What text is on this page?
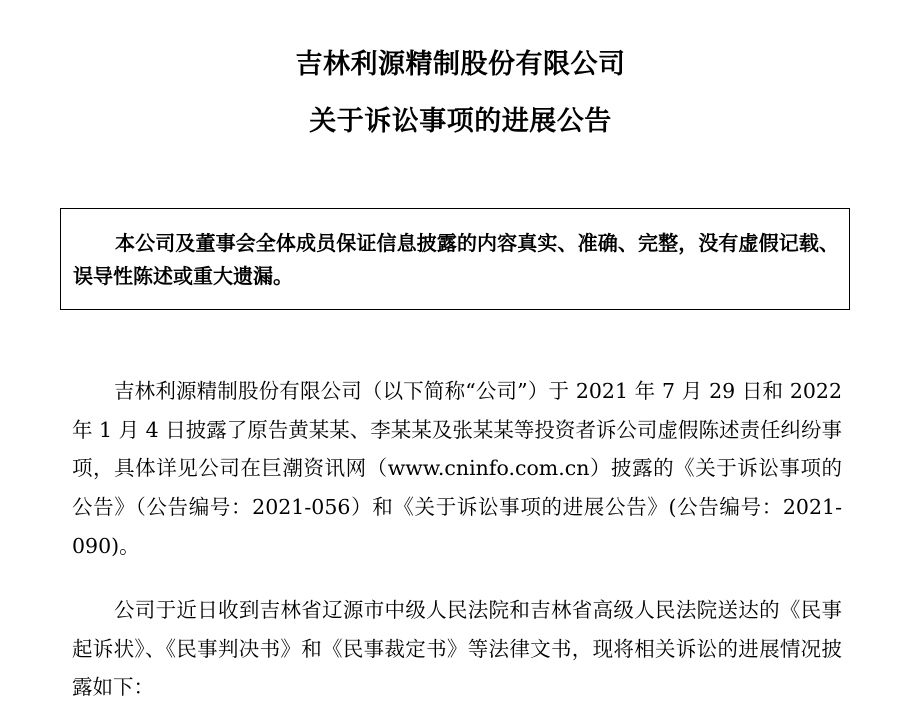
吉林利源精制股份有限公司
关于诉讼事项的进展公告

本公司及董事会全体成员保证信息披露的内容真实、准确、完整，没有虚假记载、误导性陈述或重大遗漏。

吉林利源精制股份有限公司（以下简称“公司”）于 2021 年 7 月 29 日和 2022 年 1 月 4 日披露了原告黄某某、李某某及张某某等投资者诉公司虚假陈述责任纠纷事项，具体详见公司在巨潮资讯网（www.cninfo.com.cn）披露的《关于诉讼事项的公告》（公告编号：2021-056）和《关于诉讼事项的进展公告》(公告编号：2021-090)。

公司于近日收到吉林省辽源市中级人民法院和吉林省高级人民法院送达的《民事起诉状》、《民事判决书》和《民事裁定书》等法律文书，现将相关诉讼的进展情况披露如下：
